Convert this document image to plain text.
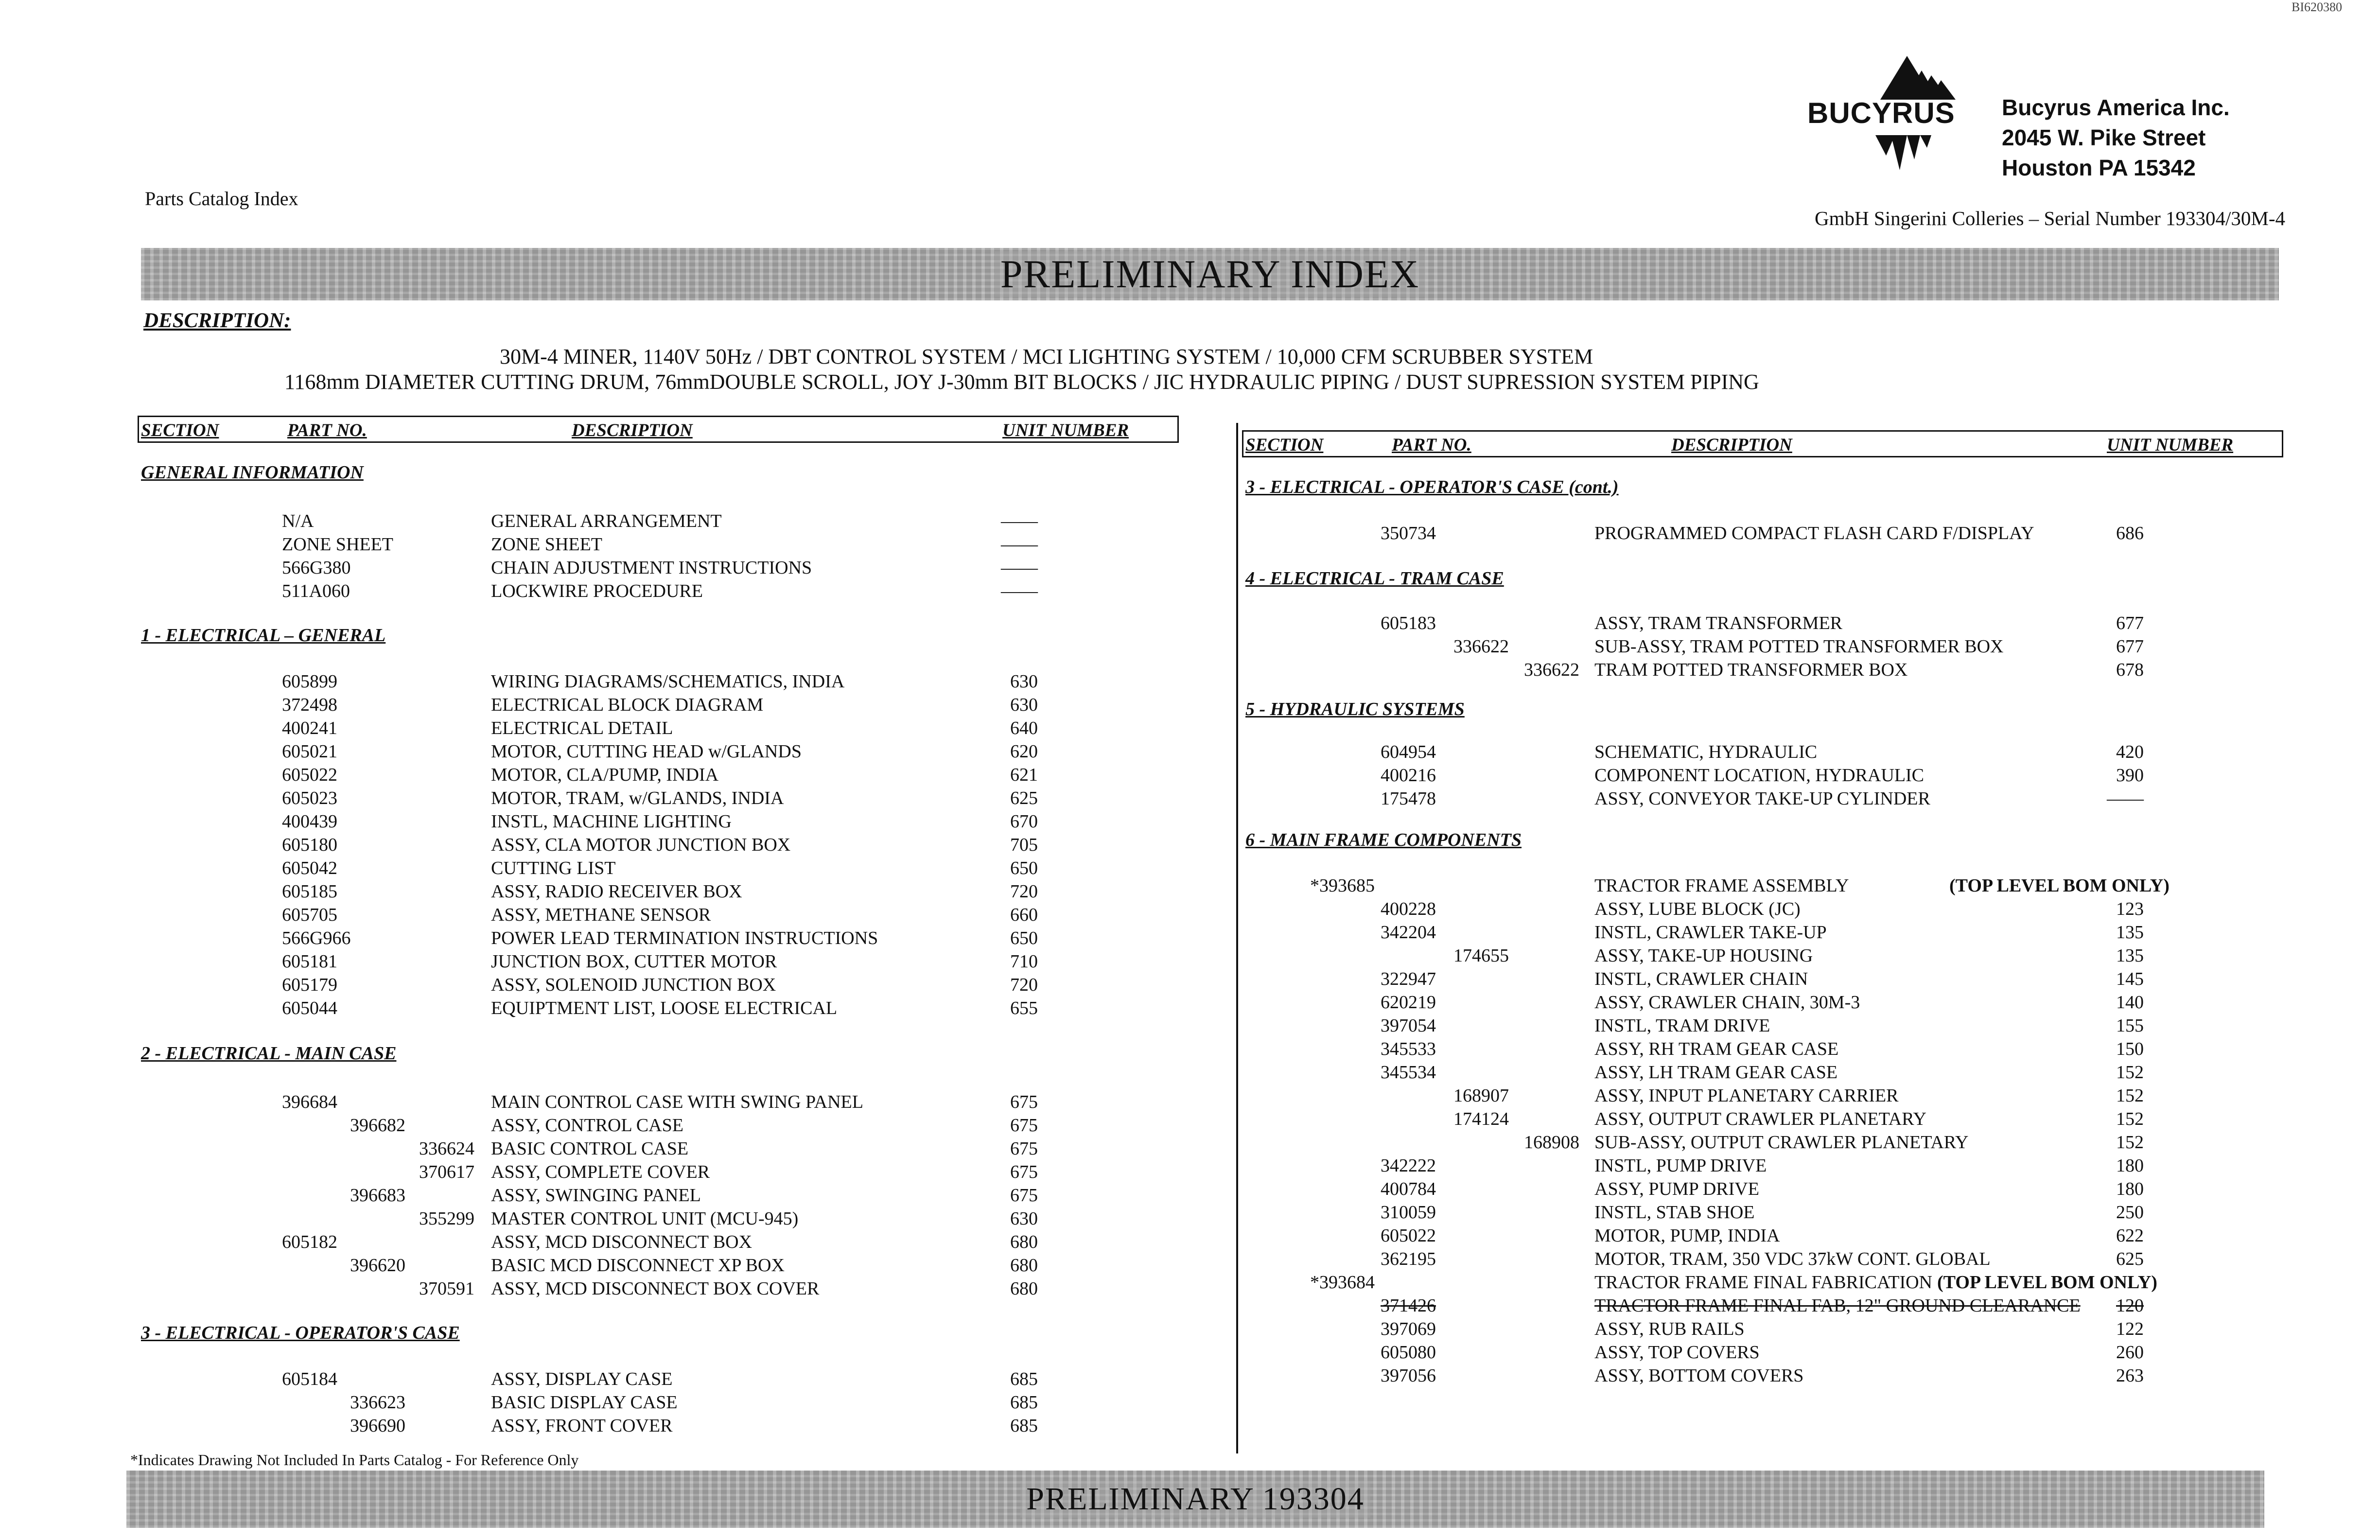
BI620380
BUCYRUS Bucyrus America Inc.
2045 W. Pike Street
Houston PA 15342
Parts Catalog Index
GmbH Singerini Colleries – Serial Number 193304/30M-4
PRELIMINARY INDEX
DESCRIPTION:
30M-4 MINER, 1140V 50Hz / DBT CONTROL SYSTEM / MCI LIGHTING SYSTEM / 10,000 CFM SCRUBBER SYSTEM
1168mm DIAMETER CUTTING DRUM, 76mmDOUBLE SCROLL, JOY J-30mm BIT BLOCKS / JIC HYDRAULIC PIPING / DUST SUPRESSION SYSTEM PIPING
SECTION	PART NO.	DESCRIPTION	UNIT NUMBER
SECTION	PART NO.	DESCRIPTION	UNIT NUMBER
GENERAL INFORMATION
N/A	GENERAL ARRANGEMENT	——
ZONE SHEET	ZONE SHEET	——
566G380	CHAIN ADJUSTMENT INSTRUCTIONS	——
511A060	LOCKWIRE PROCEDURE	——
1 - ELECTRICAL – GENERAL
605899	WIRING DIAGRAMS/SCHEMATICS, INDIA	630
372498	ELECTRICAL BLOCK DIAGRAM	630
400241	ELECTRICAL DETAIL	640
605021	MOTOR, CUTTING HEAD w/GLANDS	620
605022	MOTOR, CLA/PUMP, INDIA	621
605023	MOTOR, TRAM, w/GLANDS, INDIA	625
400439	INSTL, MACHINE LIGHTING	670
605180	ASSY, CLA MOTOR JUNCTION BOX	705
605042	CUTTING LIST	650
605185	ASSY, RADIO RECEIVER BOX	720
605705	ASSY, METHANE SENSOR	660
566G966	POWER LEAD TERMINATION INSTRUCTIONS	650
605181	JUNCTION BOX, CUTTER MOTOR	710
605179	ASSY, SOLENOID JUNCTION BOX	720
605044	EQUIPTMENT LIST, LOOSE ELECTRICAL	655
2 - ELECTRICAL - MAIN CASE
396684	MAIN CONTROL CASE WITH SWING PANEL	675
396682	ASSY, CONTROL CASE	675
336624 BASIC CONTROL CASE	675
370617 ASSY, COMPLETE COVER	675
396683	ASSY, SWINGING PANEL	675
355299 MASTER CONTROL UNIT (MCU-945)	630
605182	ASSY, MCD DISCONNECT BOX	680
396620	BASIC MCD DISCONNECT XP BOX	680
370591 ASSY, MCD DISCONNECT BOX COVER	680
3 - ELECTRICAL - OPERATOR'S CASE
605184	ASSY, DISPLAY CASE	685
336623	BASIC DISPLAY CASE	685
396690	ASSY, FRONT COVER	685
3 - ELECTRICAL - OPERATOR'S CASE (cont.)
350734	PROGRAMMED COMPACT FLASH CARD F/DISPLAY	686
4 - ELECTRICAL - TRAM CASE
605183	ASSY, TRAM TRANSFORMER	677
336622	SUB-ASSY, TRAM POTTED TRANSFORMER BOX	677
336622 TRAM POTTED TRANSFORMER BOX	678
5 - HYDRAULIC SYSTEMS
604954	SCHEMATIC, HYDRAULIC	420
400216	COMPONENT LOCATION, HYDRAULIC	390
175478	ASSY, CONVEYOR TAKE-UP CYLINDER	——
6 - MAIN FRAME COMPONENTS
*393685	TRACTOR FRAME ASSEMBLY	(TOP LEVEL BOM ONLY)
400228	ASSY, LUBE BLOCK (JC)	123
342204	INSTL, CRAWLER TAKE-UP	135
174655	ASSY, TAKE-UP HOUSING	135
322947	INSTL, CRAWLER CHAIN	145
620219	ASSY, CRAWLER CHAIN, 30M-3	140
397054	INSTL, TRAM DRIVE	155
345533	ASSY, RH TRAM GEAR CASE	150
345534	ASSY, LH TRAM GEAR CASE	152
168907	ASSY, INPUT PLANETARY CARRIER	152
174124	ASSY, OUTPUT CRAWLER PLANETARY	152
168908 SUB-ASSY, OUTPUT CRAWLER PLANETARY	152
342222	INSTL, PUMP DRIVE	180
400784	ASSY, PUMP DRIVE	180
310059	INSTL, STAB SHOE	250
605022	MOTOR, PUMP, INDIA	622
362195	MOTOR, TRAM, 350 VDC 37kW CONT. GLOBAL	625
*393684	TRACTOR FRAME FINAL FABRICATION (TOP LEVEL BOM ONLY)
371426	TRACTOR FRAME FINAL FAB, 12" GROUND CLEARANCE	120
397069	ASSY, RUB RAILS	122
605080	ASSY, TOP COVERS	260
397056	ASSY, BOTTOM COVERS	263
*Indicates Drawing Not Included In Parts Catalog - For Reference Only
PRELIMINARY 193304
